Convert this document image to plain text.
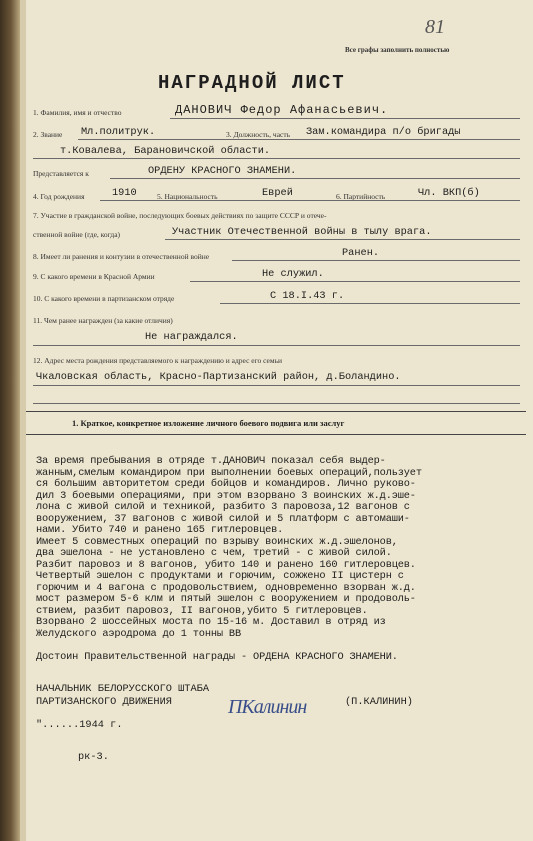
81
Все графы заполнить полностью
НАГРАДНОЙ ЛИСТ
1. Фамилия, имя и отчество	ДАНОВИЧ Федор Афанасьевич.
2. Звание Мл.политрук.	3. Должность, часть Зам.командира п/о бригады
т.Ковалева, Барановичской области.
Представляется к	ОРДЕНУ КРАСНОГО ЗНАМЕНИ.
4. Год рождения	1910	5. Национальность	Еврей	6. Партийность	Чл. ВКП(б)
7. Участие в гражданской войне, последующих боевых действиях по защите СССР и отече-
ственной войне (где, когда)	Участник Отечественной войны в тылу врага.
8. Имеет ли ранения и контузии в отечественной войне	Ранен.
9. С какого времени в Красной Армии	Не служил.
10. С какого времени в партизанском отряде	С 18.I.43 г.
11. Чем ранее награжден (за какие отличия)
Не награждался.
12. Адрес места рождения представляемого к награждению и адрес его семьи
Чкаловская область, Красно-Партизанский район, д.Боландино.
1. Краткое, конкретное изложение личного боевого подвига или заслуг
За время пребывания в отряде т.ДАНОВИЧ показал себя выдер-
жанным,смелым командиром при выполнении боевых операций,пользует
ся большим авторитетом среди бойцов и командиров. Лично руково-
дил 3 боевыми операциями, при этом взорвано 3 воинских ж.д.эше-
лона с живой силой и техникой, разбито 3 паровоза,12 вагонов с
вооружением, 37 вагонов с живой силой и 5 платформ с автомаши-
нами. Убито 740 и ранено 165 гитлеровцев.
Имеет 5 совместных операций по взрыву воинских ж.д.эшелонов,
два эшелона - не установлено с чем, третий - с живой силой.
Разбит паровоз и 8 вагонов, убито 140 и ранено 160 гитлеровцев.
Четвертый эшелон с продуктами и горючим, сожжено II цистерн с
горючим и 4 вагона с продовольствием, одновременно взорван ж.д.
мост размером 5-6 клм и пятый эшелон с вооружением и продоволь-
ствием, разбит паровоз, II вагонов,убито 5 гитлеровцев.
Взорвано 2 шоссейных моста по 15-16 м. Доставил в отряд из
Желудского аэродрома до 1 тонны ВВ
Достоин Правительственной награды - ОРДЕНА КРАСНОГО ЗНАМЕНИ.
НАЧАЛЬНИК БЕЛОРУССКОГО ШТАБА
ПАРТИЗАНСКОГО ДВИЖЕНИЯ	ПКалинин	(П.КАЛИНИН)
"......1944 г.
рк-3.
